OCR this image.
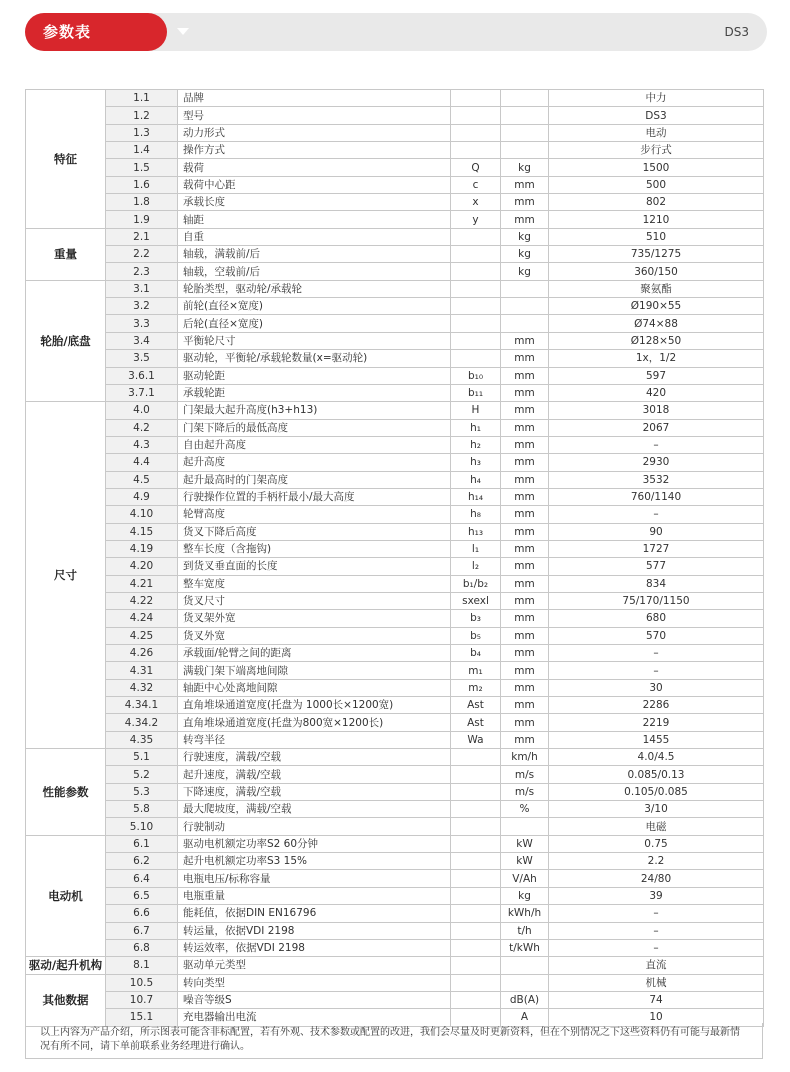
参数表	DS3
特征	1.1	品牌			中力
	1.2	型号			DS3
	1.3	动力形式			电动
	1.4	操作方式			步行式
	1.5	载荷	Q	kg	1500
	1.6	载荷中心距	c	mm	500
	1.8	承载长度	x	mm	802
	1.9	轴距	y	mm	1210
重量	2.1	自重		kg	510
	2.2	轴载，满载前/后		kg	735/1275
	2.3	轴载，空载前/后		kg	360/150
轮胎/底盘	3.1	轮胎类型，驱动轮/承载轮			聚氨酯
	3.2	前轮(直径×宽度)			Ø190×55
	3.3	后轮(直径×宽度)			Ø74×88
	3.4	平衡轮尺寸		mm	Ø128×50
	3.5	驱动轮，平衡轮/承载轮数量(x=驱动轮)		mm	1x，1/2
	3.6.1	驱动轮距	b₁₀	mm	597
	3.7.1	承载轮距	b₁₁	mm	420
尺寸	4.0	门架最大起升高度(h3+h13)	H	mm	3018
	4.2	门架下降后的最低高度	h₁	mm	2067
	4.3	自由起升高度	h₂	mm	–
	4.4	起升高度	h₃	mm	2930
	4.5	起升最高时的门架高度	h₄	mm	3532
	4.9	行驶操作位置的手柄杆最小/最大高度	h₁₄	mm	760/1140
	4.10	轮臂高度	h₈	mm	–
	4.15	货叉下降后高度	h₁₃	mm	90
	4.19	整车长度（含拖钩)	l₁	mm	1727
	4.20	到货叉垂直面的长度	l₂	mm	577
	4.21	整车宽度	b₁/b₂	mm	834
	4.22	货叉尺寸	sxexl	mm	75/170/1150
	4.24	货叉架外宽	b₃	mm	680
	4.25	货叉外宽	b₅	mm	570
	4.26	承载面/轮臂之间的距离	b₄	mm	–
	4.31	满载门架下端离地间隙	m₁	mm	–
	4.32	轴距中心处离地间隙	m₂	mm	30
	4.34.1	直角堆垛通道宽度(托盘为 1000长×1200宽)	Ast	mm	2286
	4.34.2	直角堆垛通道宽度(托盘为800宽×1200长)	Ast	mm	2219
	4.35	转弯半径	Wa	mm	1455
性能参数	5.1	行驶速度，满载/空载		km/h	4.0/4.5
	5.2	起升速度，满载/空载		m/s	0.085/0.13
	5.3	下降速度，满载/空载		m/s	0.105/0.085
	5.8	最大爬坡度，满载/空载		%	3/10
	5.10	行驶制动			电磁
电动机	6.1	驱动电机额定功率S2 60分钟		kW	0.75
	6.2	起升电机额定功率S3 15%		kW	2.2
	6.4	电瓶电压/标称容量		V/Ah	24/80
	6.5	电瓶重量		kg	39
	6.6	能耗值，依据DIN EN16796		kWh/h	–
	6.7	转运量，依据VDI 2198		t/h	–
	6.8	转运效率，依据VDI 2198		t/kWh	–
驱动/起升机构	8.1	驱动单元类型			直流
其他数据	10.5	转向类型			机械
	10.7	噪音等级S		dB(A)	74
	15.1	充电器输出电流		A	10
以上内容为产品介绍，所示图表可能含非标配置，若有外观、技术参数或配置的改进，我们会尽量及时更新资料，但在个别情况之下这些资料仍有可能与最新情况有所不同，请下单前联系业务经理进行确认。
